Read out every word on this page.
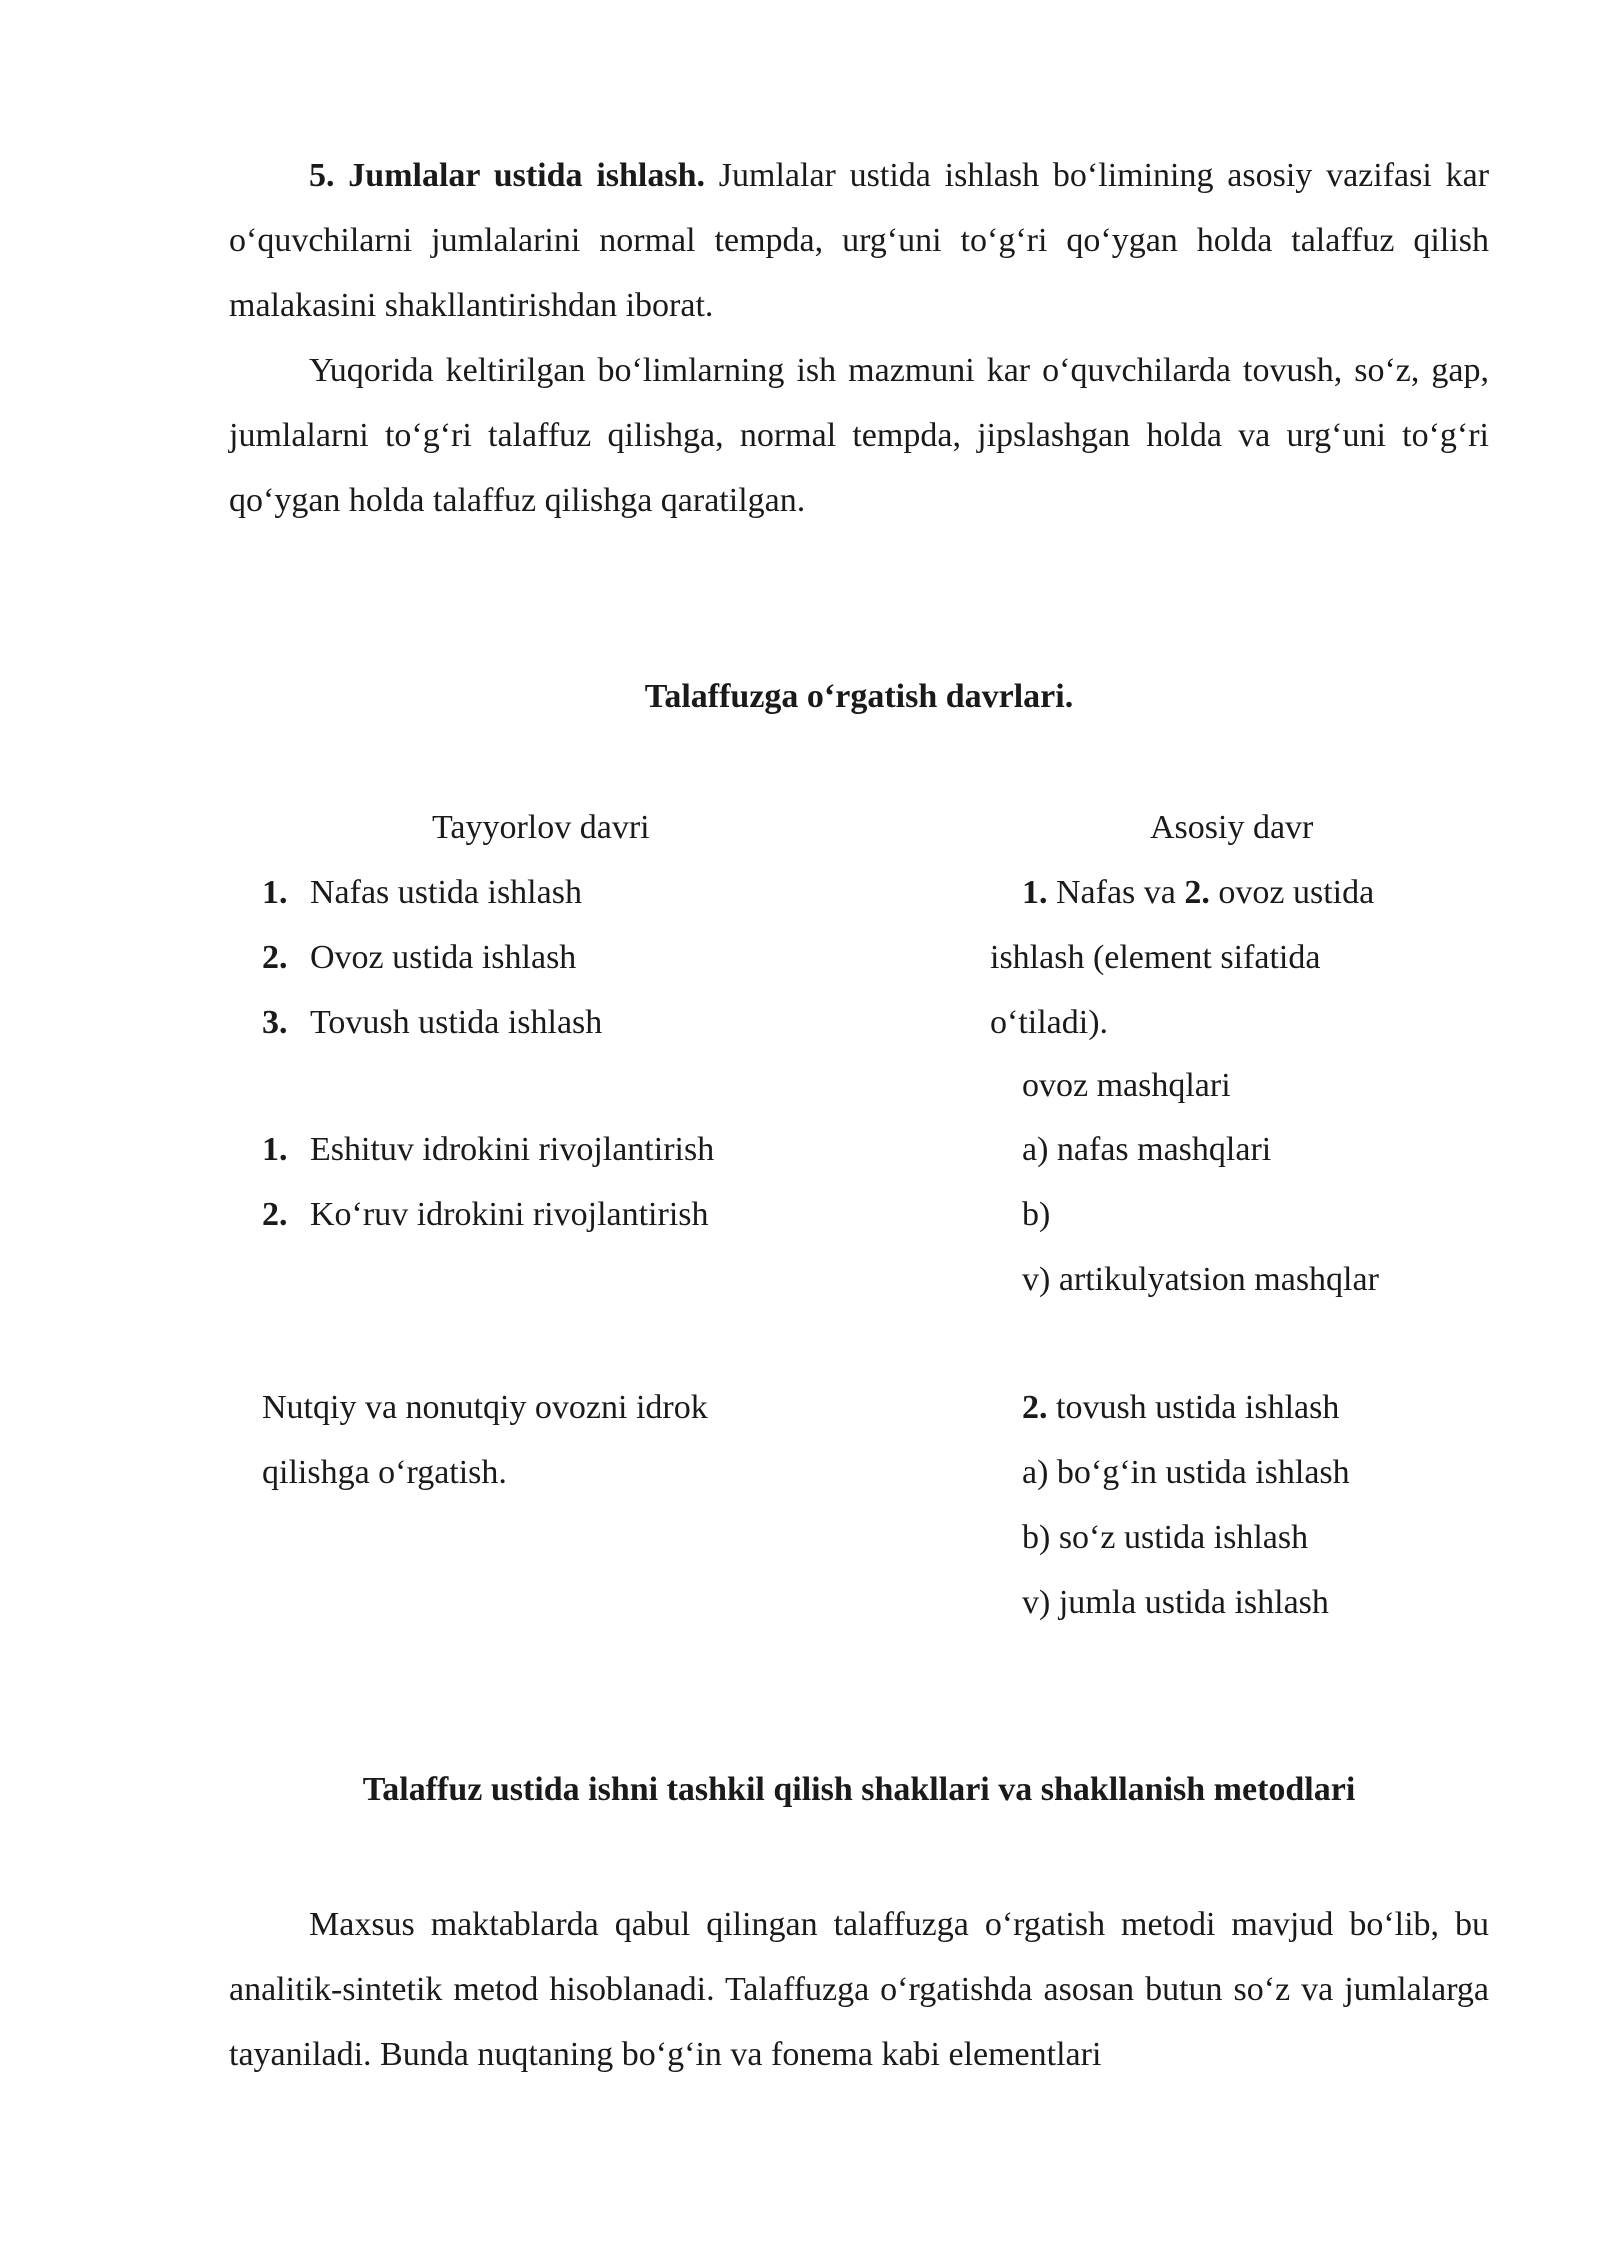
5. Jumlalar ustida ishlash. Jumlalar ustida ishlash bo‘limining asosiy vazifasi kar o‘quvchilarni jumlalarini normal tempda, urg‘uni to‘g‘ri qo‘ygan holda talaffuz qilish malakasini shakllantirishdan iborat.

Yuqorida keltirilgan bo‘limlarning ish mazmuni kar o‘quvchilarda tovush, so‘z, gap, jumlalarni to‘g‘ri talaffuz qilishga, normal tempda, jipslashgan holda va urg‘uni to‘g‘ri qo‘ygan holda talaffuz qilishga qaratilgan.

Talaffuzga o‘rgatish davrlari.
Tayyorlov davri
1. Nafas ustida ishlash
2. Ovoz ustida ishlash
3. Tovush ustida ishlash
1. Eshituv idrokini rivojlantirish
2. Ko‘ruv idrokini rivojlantirish
Nutqiy va nonutqiy ovozni idrok
qilishga o‘rgatish.
Asosiy davr
1. Nafas va 2. ovoz ustida
ishlash (element sifatida
o‘tiladi).
ovoz mashqlari
a) nafas mashqlari
b)
v) artikulyatsion mashqlar
2. tovush ustida ishlash
a) bo‘g‘in ustida ishlash
b) so‘z ustida ishlash
v) jumla ustida ishlash
Talaffuz ustida ishni tashkil qilish shakllari va shakllanish metodlari

Maxsus maktablarda qabul qilingan talaffuzga o‘rgatish metodi mavjud bo‘lib, bu analitik-sintetik metod hisoblanadi. Talaffuzga o‘rgatishda asosan butun so‘z va jumlalarga tayaniladi. Bunda nuqtaning bo‘g‘in va fonema kabi elementlari
